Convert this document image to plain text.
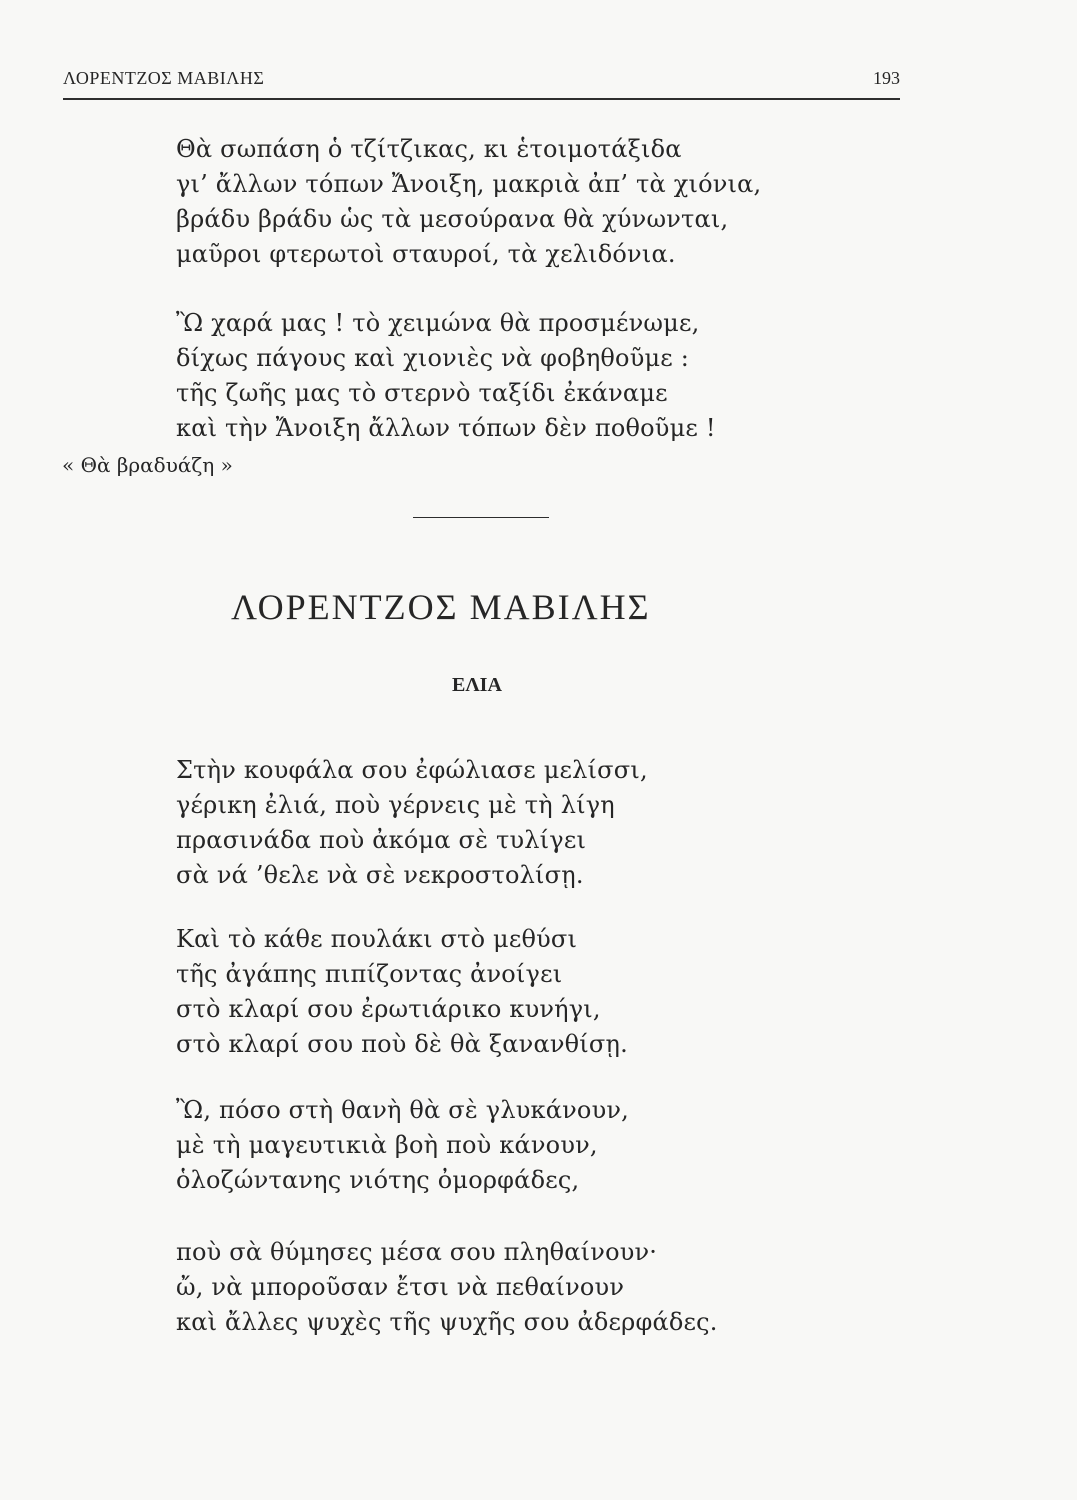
ΛΟΡΕΝΤΖΟΣ ΜΑΒΙΛΗΣ	193
Θὰ σωπάση ὁ τζίτζικας, κι ἑτοιμοτάξιδα
γι’ ἄλλων τόπων Ἄνοιξη, μακριὰ ἀπ’ τὰ χιόνια,
βράδυ βράδυ ὡς τὰ μεσούρανα θὰ χύνωνται,
μαῦροι φτερωτοὶ σταυροί, τὰ χελιδόνια.
Ὢ χαρά μας ! τὸ χειμώνα θὰ προσμένωμε,
δίχως πάγους καὶ χιονιὲς νὰ φοβηθοῦμε :
τῆς ζωῆς μας τὸ στερνὸ ταξίδι ἐκάναμε
καὶ τὴν Ἄνοιξη ἄλλων τόπων δὲν ποθοῦμε !
« Θὰ βραδυάζη »
ΛΟΡΕΝΤΖΟΣ ΜΑΒΙΛΗΣ
ΕΛΙΑ
Στὴν κουφάλα σου ἐφώλιασε μελίσσι,
γέρικη ἐλιά, ποὺ γέρνεις μὲ τὴ λίγη
πρασινάδα ποὺ ἀκόμα σὲ τυλίγει
σὰ νά ’θελε νὰ σὲ νεκροστολίσῃ.
Καὶ τὸ κάθε πουλάκι στὸ μεθύσι
τῆς ἀγάπης πιπίζοντας ἀνοίγει
στὸ κλαρί σου ἐρωτιάρικο κυνήγι,
στὸ κλαρί σου ποὺ δὲ θὰ ξανανθίσῃ.
Ὢ, πόσο στὴ θανὴ θὰ σὲ γλυκάνουν,
μὲ τὴ μαγευτικιὰ βοὴ ποὺ κάνουν,
ὁλοζώντανης νιότης ὀμορφάδες,
ποὺ σὰ θύμησες μέσα σου πληθαίνουν·
ὤ, νὰ μποροῦσαν ἔτσι νὰ πεθαίνουν
καὶ ἄλλες ψυχὲς τῆς ψυχῆς σου ἀδερφάδες.
